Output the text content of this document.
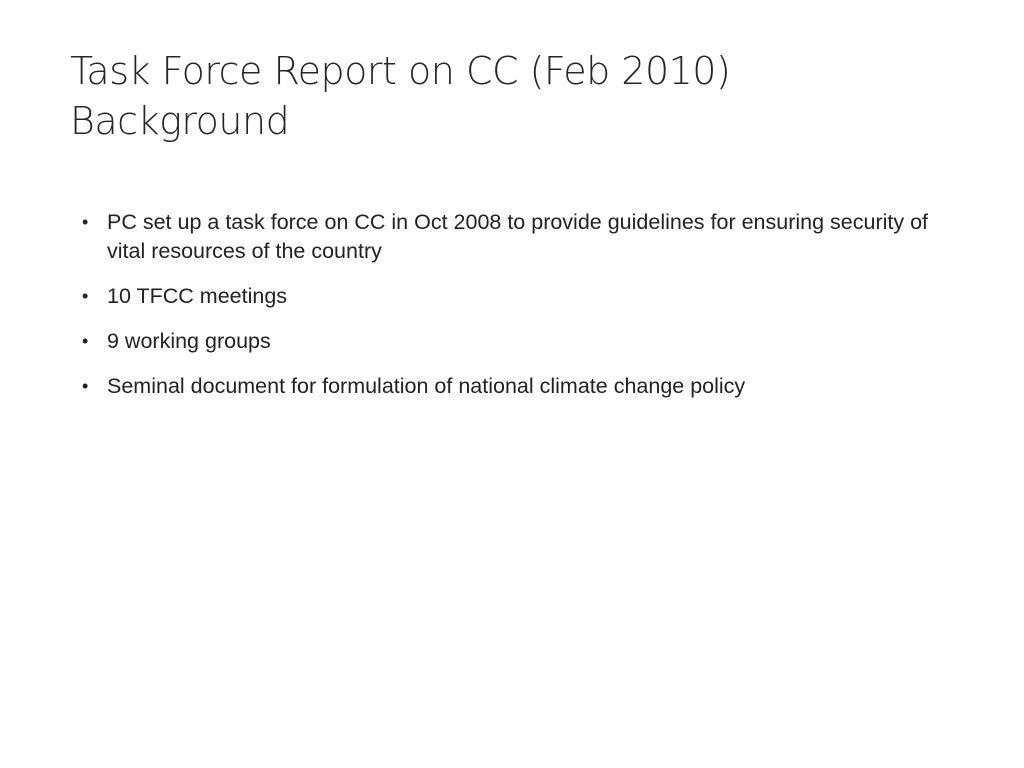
Task Force Report on CC (Feb 2010)
Background
• PC set up a task force on CC in Oct 2008 to provide guidelines for ensuring security of vital resources of the country
• 10 TFCC meetings
• 9 working groups
• Seminal document for formulation of national climate change policy
